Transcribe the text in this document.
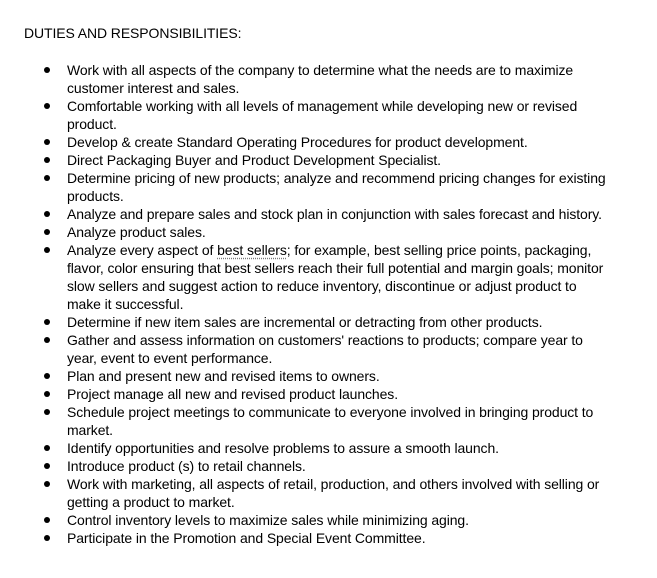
DUTIES AND RESPONSIBILITIES:
Work with all aspects of the company to determine what the needs are to maximize
customer interest and sales.
Comfortable working with all levels of management while developing new or revised
product.
Develop & create Standard Operating Procedures for product development.
Direct Packaging Buyer and Product Development Specialist.
Determine pricing of new products; analyze and recommend pricing changes for existing
products.
Analyze and prepare sales and stock plan in conjunction with sales forecast and history.
Analyze product sales.
Analyze every aspect of best sellers; for example, best selling price points, packaging,
flavor, color ensuring that best sellers reach their full potential and margin goals; monitor
slow sellers and suggest action to reduce inventory, discontinue or adjust product to
make it successful.
Determine if new item sales are incremental or detracting from other products.
Gather and assess information on customers' reactions to products; compare year to
year, event to event performance.
Plan and present new and revised items to owners.
Project manage all new and revised product launches.
Schedule project meetings to communicate to everyone involved in bringing product to
market.
Identify opportunities and resolve problems to assure a smooth launch.
Introduce product (s) to retail channels.
Work with marketing, all aspects of retail, production, and others involved with selling or
getting a product to market.
Control inventory levels to maximize sales while minimizing aging.
Participate in the Promotion and Special Event Committee.
